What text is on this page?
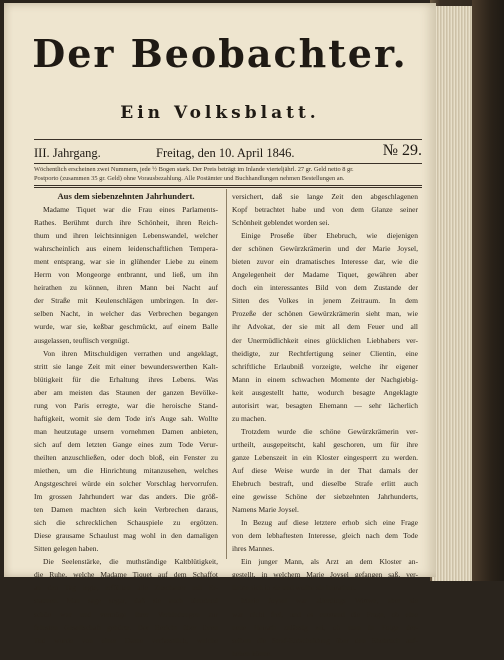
Der Beobachter.
Ein Volksblatt.
III. Jahrgang.	Freitag, den 10. April 1846.	№ 29.
Wöchentlich erscheinen zwei Nummern, jede ½ Bogen stark. Der Preis beträgt im Inlande vierteljährl. 27 gr. Geld netto 8 gr.
Postporto (zusammen 35 gr. Geld) ohne Vorausbezahlung. Alle Postämter und Buchhandlungen nehmen Bestellungen an.
Aus dem siebenzehnten Jahrhundert.
Madame Tiquet war die Frau eines Parlaments-
Rathes. Berühmt durch ihre Schönheit, ihren Reich-
thum und ihren leichtsinnigen Lebenswandel, welcher
wahrscheinlich aus einem leidenschaftlichen Tempera-
ment entsprang, war sie in glühender Liebe zu einem
Herrn von Mongeorge entbrannt, und ließ, um ihn
heirathen zu können, ihren Mann bei Nacht auf
der Straße mit Keulenschlägen umbringen. In der-
selben Nacht, in welcher das Verbrechen begangen
wurde, war sie, keßbar geschmückt, auf einem Balle
ausgelassen, teuflisch vergnügt.
Von ihren Mitschuldigen verrathen und angeklagt,
stritt sie lange Zeit mit einer bewunderswerthen Kalt-
blütigkeit für die Erhaltung ihres Lebens. Was
aber am meisten das Staunen der ganzen Bevölke-
rung von Paris erregte, war die heroische Stand-
haftigkeit, womit sie dem Tode in's Auge sah. Wollte
man heutzutage unsern vornehmen Damen anbieten,
sich auf dem letzten Gange eines zum Tode Verur-
theilten anzuschließen, oder doch bloß, ein Fenster zu
miethen, um die Hinrichtung mitanzusehen, welches
Angstgeschrei würde ein solcher Vorschlag hervorrufen.
Im grossen Jahrhundert war das anders. Die größ-
ten Damen machten sich kein Verbrechen daraus,
sich die schrecklichen Schauspiele zu ergötzen.
Diese grausame Schaulust mag wohl in den damaligen
Sitten gelegen haben.
Die Seelenstärke, die muthständige Kaltblütigkeit,
die Ruhe, welche Madame Tiquet auf dem Schaffot
an den Tag legte, erfüllten alle Zuschauer mit Er-
staunen. Man sage sogar, daß sie auch blendend
schön war und vermöge ihrer Verbindungen zur
feinsten Gesellschaft gehörte. Der Bericht über ihren
Tod wurde von einer Dame verfasstlich, welche
versichert, daß sie lange Zeit den abgeschlagenen
Kopf betrachtet habe und von dem Glanze seiner
Schönheit geblendet worden sei.
Einige Proseße über Ehebruch, wie diejenigen
der schönen Gewürzkrämerin und der Marie Joysel,
bieten zuvor ein dramatisches Interesse dar, wie die
Angelegenheit der Madame Tiquet, gewähren aber
doch ein interessantes Bild von dem Zustande der
Sitten des Volkes in jenem Zeitraum. In dem
Prozeße der schönen Gewürzkrämerin sieht man, wie
ihr Advokat, der sie mit all dem Feuer und all
der Unermüdlichkeit eines glücklichen Liebhabers ver-
theidigte, zur Rechtfertigung seiner Clientin, eine
schriftliche Erlaubniß vorzeigte, welche ihr eigener
Mann in einem schwachen Momente der Nachgiebig-
keit ausgestellt hatte, wodurch besagte Angeklagte
autorisirt war, besagten Ehemann — sehr lächerlich
zu machen.
Trotzdem wurde die schöne Gewürzkrämerin ver-
urtheilt, ausgepeitscht, kahl geschoren, um für ihre
ganze Lebenszeit in ein Kloster eingesperrt zu werden.
Auf diese Weise wurde in der That damals der
Ehebruch bestraft, und dieselbe Strafe erlitt auch
eine gewisse Schöne der siebzehnten Jahrhunderts,
Namens Marie Joysel.
In Bezug auf diese letztere erhob sich eine Frage
von dem lebhaftesten Interesse, gleich nach dem Tode
ihres Mannes.
Ein junger Mann, als Arzt an dem Kloster an-
gestellt, in welchem Marie Joysel gefangen saß, ver-
liebte sich in sie und wollte sie heirathen.
Marie Joysel war allerdings Wittwe, aber sie
war nicht frei, und es entstand die Frage, ob eine
neue Heirath zulässig sei, ob man in Folge der-
selben die Straf-Entscheidung über den Ehebruch auf-
heben könne.
